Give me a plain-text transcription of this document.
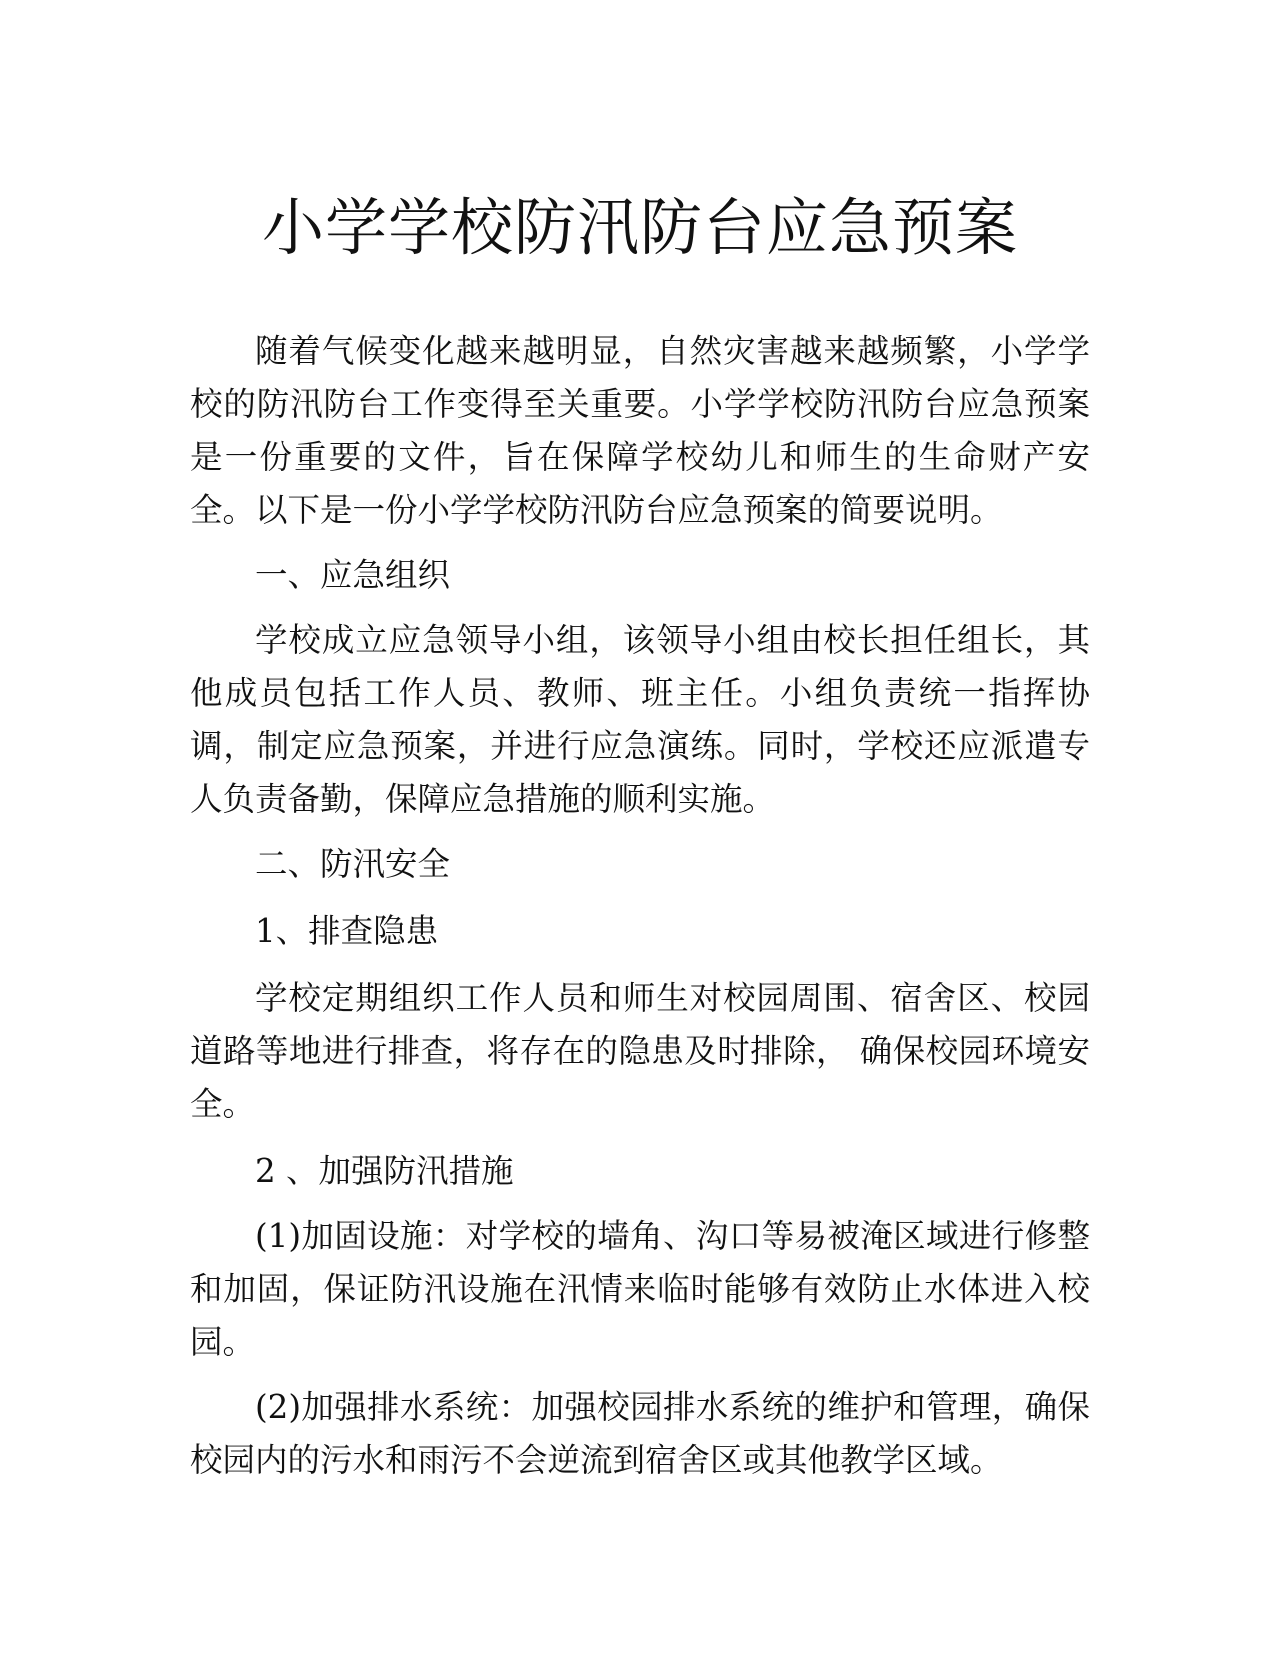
小学学校防汛防台应急预案

随着气候变化越来越明显，自然灾害越来越频繁，小学学校的防汛防台工作变得至关重要。小学学校防汛防台应急预案是一份重要的文件，旨在保障学校幼儿和师生的生命财产安全。以下是一份小学学校防汛防台应急预案的简要说明。

一、应急组织

学校成立应急领导小组，该领导小组由校长担任组长，其他成员包括工作人员、教师、班主任。小组负责统一指挥协调，制定应急预案，并进行应急演练。同时，学校还应派遣专人负责备勤，保障应急措施的顺利实施。

二、防汛安全

1、排查隐患

学校定期组织工作人员和师生对校园周围、宿舍区、校园道路等地进行排查，将存在的隐患及时排除， 确保校园环境安全。

2 、加强防汛措施

(1)加固设施：对学校的墙角、沟口等易被淹区域进行修整和加固，保证防汛设施在汛情来临时能够有效防止水体进入校园。

(2)加强排水系统：加强校园排水系统的维护和管理，确保校园内的污水和雨污不会逆流到宿舍区或其他教学区域。
